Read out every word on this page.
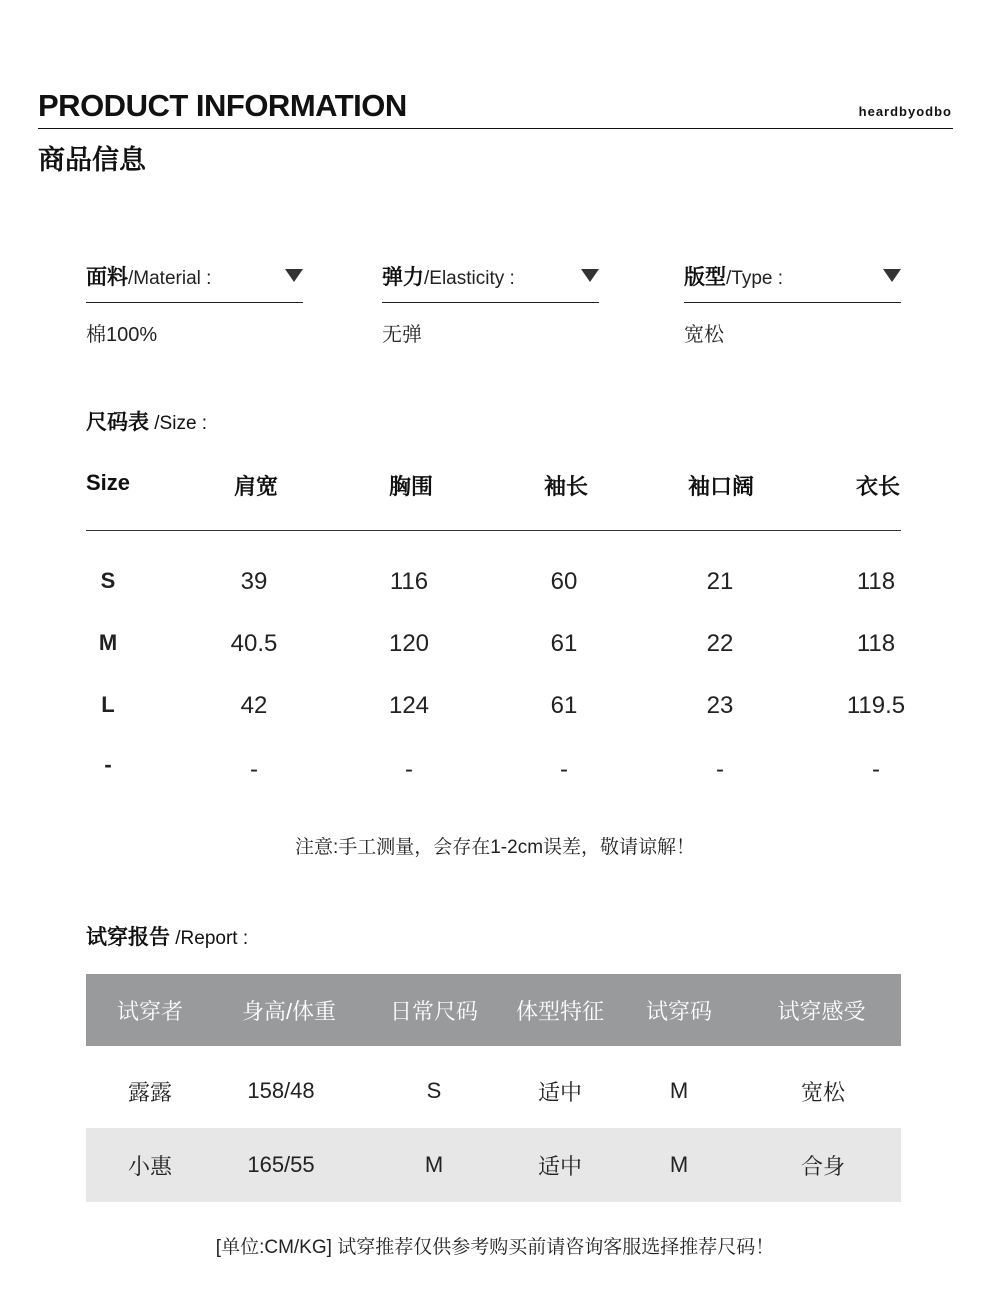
PRODUCT INFORMATION	heardbyodbo
商品信息
面料/Material :
棉100%
弹力/Elasticity :
无弹
版型/Type :
宽松
尺码表 /Size :
Size	肩宽	胸围	袖长	袖口阔	衣长
S	39	116	60	21	118
M	40.5	120	61	22	118
L	42	124	61	23	119.5
-	-	-	-	-	-
注意:手工测量，会存在1-2cm误差，敬请谅解！
试穿报告 /Report :
试穿者	身高/体重	日常尺码	体型特征	试穿码	试穿感受
露露	158/48	S	适中	M	宽松
小惠	165/55	M	适中	M	合身
[单位:CM/KG] 试穿推荐仅供参考购买前请咨询客服选择推荐尺码！
